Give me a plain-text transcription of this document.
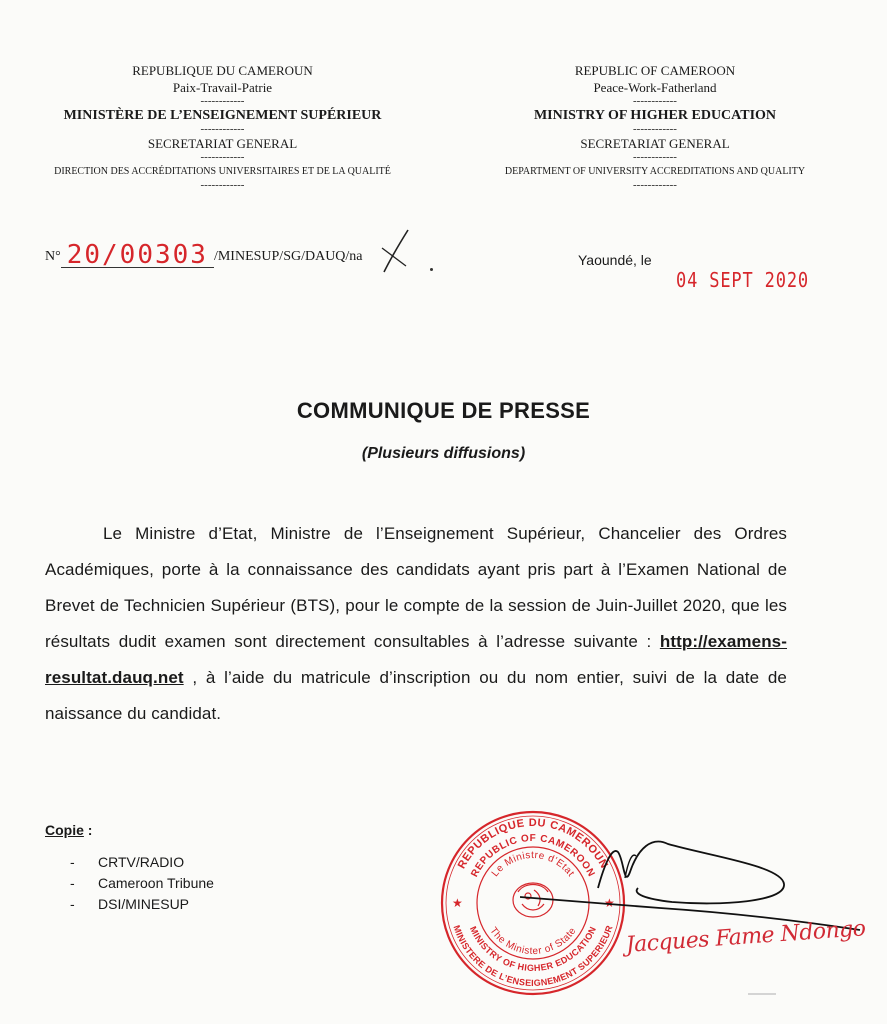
REPUBLIQUE DU CAMEROUN
Paix-Travail-Patrie
------------
MINISTÈRE DE L’ENSEIGNEMENT SUPÉRIEUR
------------
SECRETARIAT GENERAL
------------
DIRECTION DES ACCRÉDITATIONS UNIVERSITAIRES ET DE LA QUALITÉ
------------
REPUBLIC OF CAMEROON
Peace-Work-Fatherland
------------
MINISTRY OF HIGHER EDUCATION
------------
SECRETARIAT GENERAL
------------
DEPARTMENT OF UNIVERSITY ACCREDITATIONS AND QUALITY
------------
N° 20/00303 /MINESUP/SG/DAUQ/na	Yaoundé, le
04 SEPT 2020
COMMUNIQUE DE PRESSE
(Plusieurs diffusions)
Le Ministre d’Etat, Ministre de l’Enseignement Supérieur, Chancelier des Ordres Académiques, porte à la connaissance des candidats ayant pris part à l’Examen National de Brevet de Technicien Supérieur (BTS), pour le compte de la session de Juin-Juillet 2020, que les résultats dudit examen sont directement consultables à l’adresse suivante : http://examens-resultat.dauq.net , à l’aide du matricule d’inscription ou du nom entier, suivi de la date de naissance du candidat.
Copie :
- CRTV/RADIO
- Cameroon Tribune
- DSI/MINESUP
REPUBLIQUE DU CAMEROUN
REPUBLIC OF CAMEROON
MINISTERE DE L’ENSEIGNEMENT SUPERIEUR
MINISTRY OF HIGHER EDUCATION
Le Ministre d’Etat
The Minister of State
★	★
Jacques Fame Ndongo
